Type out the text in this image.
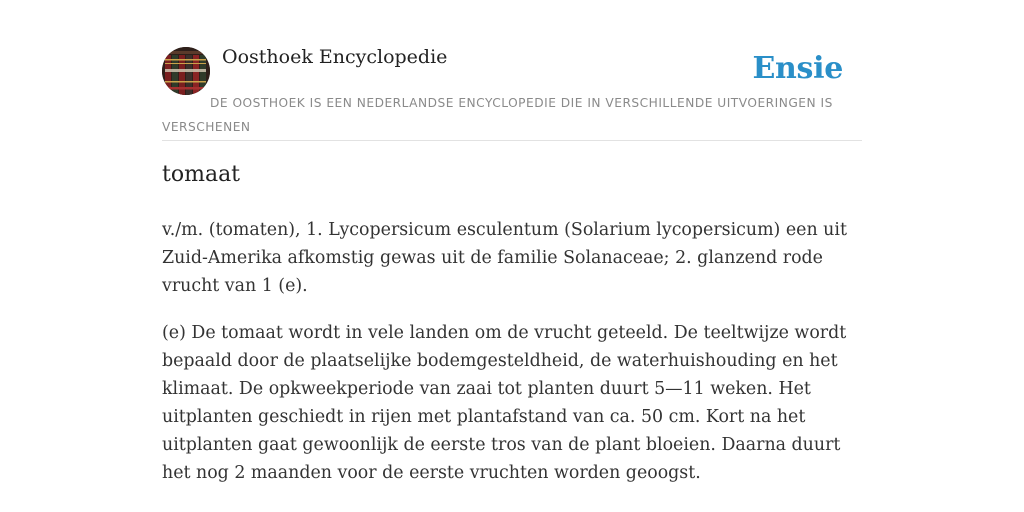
Oosthoek Encyclopedie	Ensie

DE OOSTHOEK IS EEN NEDERLANDSE ENCYCLOPEDIE DIE IN VERSCHILLENDE UITVOERINGEN IS VERSCHENEN

tomaat

v./m. (tomaten), 1. Lycopersicum esculentum (Solarium lycopersicum) een uit Zuid-Amerika afkomstig gewas uit de familie Solanaceae; 2. glanzend rode vrucht van 1 (e).

(e) De tomaat wordt in vele landen om de vrucht geteeld. De teeltwijze wordt bepaald door de plaatselijke bodemgesteldheid, de waterhuishouding en het klimaat. De opkweekperiode van zaai tot planten duurt 5—11 weken. Het uitplanten geschiedt in rijen met plantafstand van ca. 50 cm. Kort na het uitplanten gaat gewoonlijk de eerste tros van de plant bloeien. Daarna duurt het nog 2 maanden voor de eerste vruchten worden geoogst.
